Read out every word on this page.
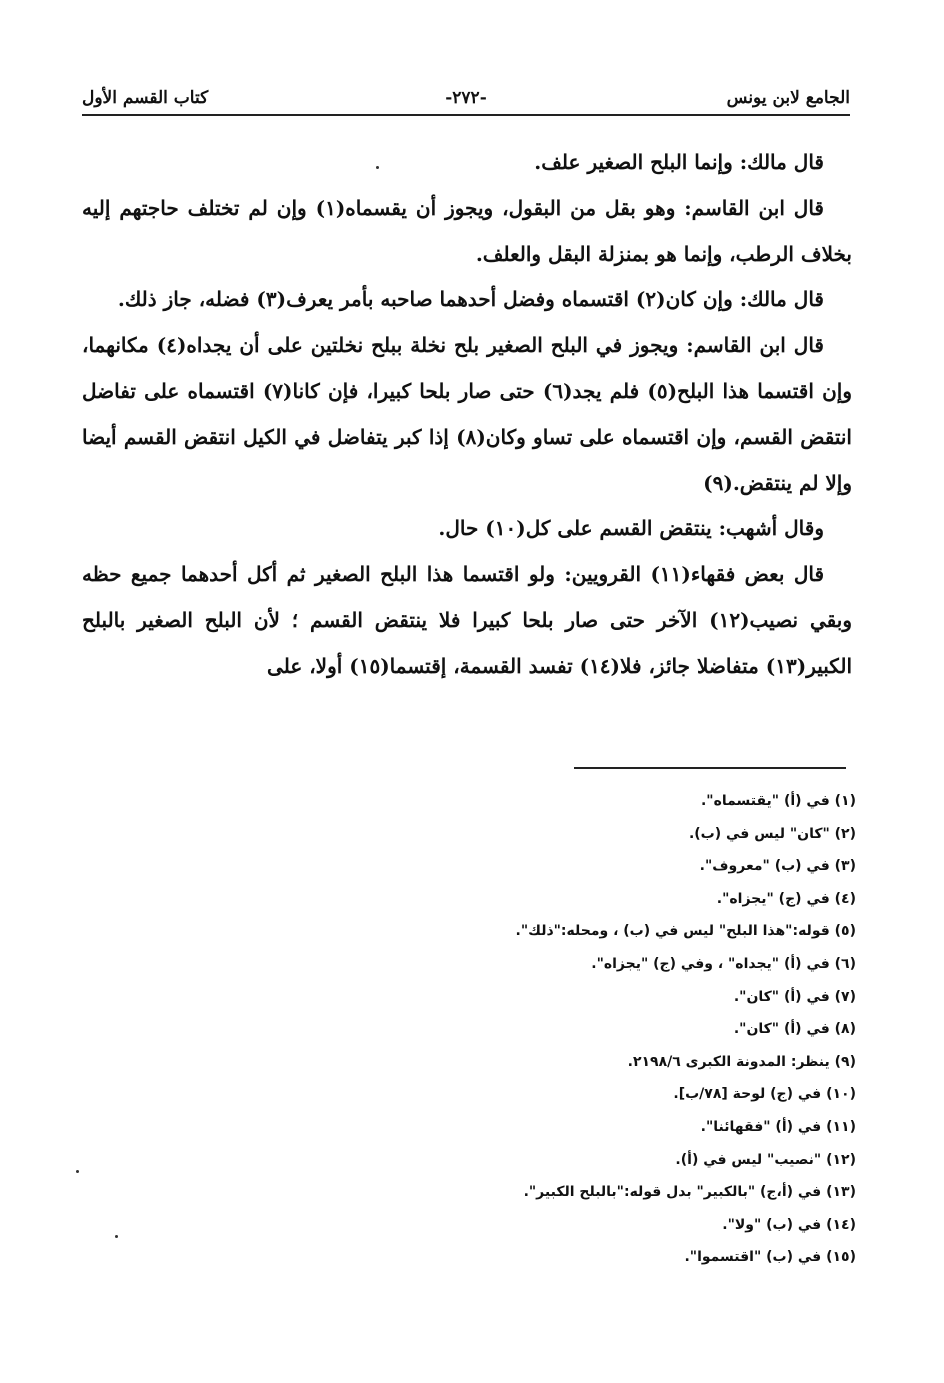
الجامع لابن يونس
-٢٧٢-
كتاب القسم الأول

قال مالك: وإنما البلح الصغير علف.

قال ابن القاسم: وهو بقل من البقول، ويجوز أن يقسماه(١) وإن لم تختلف حاجتهم إليه بخلاف الرطب، وإنما هو بمنزلة البقل والعلف.

قال مالك: وإن كان(٢) اقتسماه وفضل أحدهما صاحبه بأمر يعرف(٣) فضله، جاز ذلك.

قال ابن القاسم: ويجوز في البلح الصغير بلح نخلة ببلح نخلتين على أن يجداه(٤) مكانهما، وإن اقتسما هذا البلح(٥) فلم يجد(٦) حتى صار بلحا كبيرا، فإن كانا(٧) اقتسماه على تفاضل انتقض القسم، وإن اقتسماه على تساو وكان(٨) إذا كبر يتفاضل في الكيل انتقض القسم أيضا وإلا لم ينتقض.(٩)

وقال أشهب: ينتقض القسم على كل(١٠) حال.

قال بعض فقهاء(١١) القرويين: ولو اقتسما هذا البلح الصغير ثم أكل أحدهما جميع حظه وبقي نصيب(١٢) الآخر حتى صار بلحا كبيرا فلا ينتقض القسم ؛ لأن البلح الصغير بالبلح الكبير(١٣) متفاضلا جائز، فلا(١٤) تفسد القسمة، إقتسما(١٥) أولا، على

(١) في (أ) "يقتسماه".
(٢) "كان" ليس في (ب).
(٣) في (ب) "معروف".
(٤) في (ج) "يجزاه".
(٥) قوله:"هذا البلح" ليس في (ب) ، ومحله:"ذلك".
(٦) في (أ) "يجداه" ، وفي (ج) "يجزاه".
(٧) في (أ) "كان".
(٨) في (أ) "كان".
(٩) ينظر: المدونة الكبرى ٢١٩٨/٦.
(١٠) في (ج) لوحة [٧٨/ب].
(١١) في (أ) "فقهائنا".
(١٢) "نصيب" ليس في (أ).
(١٣) في (أ،ج) "بالكبير" بدل قوله:"بالبلح الكبير".
(١٤) في (ب) "ولا".
(١٥) في (ب) "اقتسموا".
